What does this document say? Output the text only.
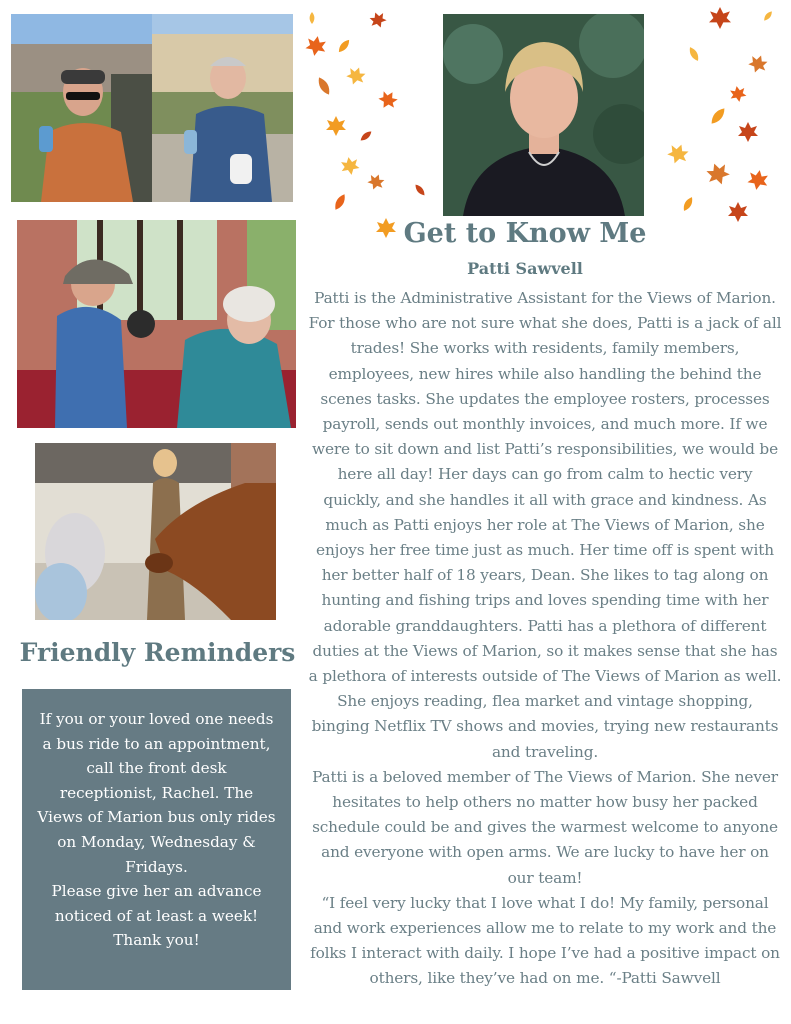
Friendly Reminders

If you or your loved one needs a bus ride to an appointment, call the front desk receptionist, Rachel. The Views of Marion bus only rides on Monday, Wednesday & Fridays.

Please give her an advance noticed of at least a week! Thank you!

Get to Know Me
Patti Sawvell

Patti is the Administrative Assistant for the Views of Marion. For those who are not sure what she does, Patti is a jack of all trades! She works with residents, family members, employees, new hires while also handling the behind the scenes tasks. She updates the employee rosters, processes payroll, sends out monthly invoices, and much more. If we were to sit down and list Patti’s responsibilities, we would be here all day! Her days can go from calm to hectic very quickly, and she handles it all with grace and kindness. As much as Patti enjoys her role at The Views of Marion, she enjoys her free time just as much. Her time off is spent with her better half of 18 years, Dean. She likes to tag along on hunting and fishing trips and loves spending time with her adorable granddaughters. Patti has a plethora of different duties at the Views of Marion, so it makes sense that she has a plethora of interests outside of The Views of Marion as well. She enjoys reading, flea market and vintage shopping, binging Netflix TV shows and movies, trying new restaurants and traveling.

Patti is a beloved member of The Views of Marion. She never hesitates to help others no matter how busy her packed schedule could be and gives the warmest welcome to anyone and everyone with open arms. We are lucky to have her on our team!

“I feel very lucky that I love what I do! My family, personal and work experiences allow me to relate to my work and the folks I interact with daily. I hope I’ve had a positive impact on others, like they’ve had on me. “-Patti Sawvell
